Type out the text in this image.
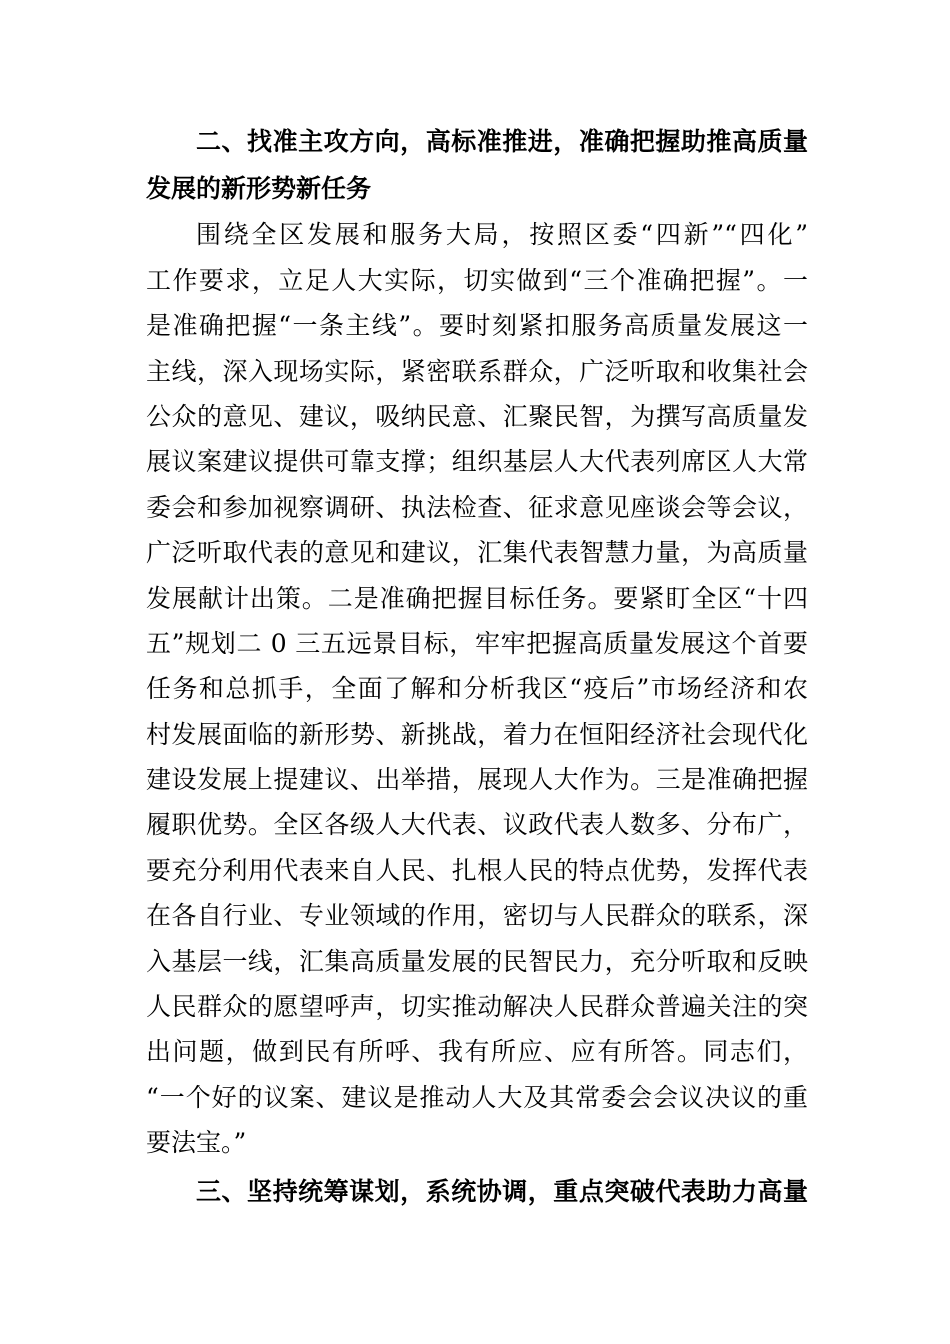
二、找准主攻方向，高标准推进，准确把握助推高质量
发展的新形势新任务
围绕全区发展和服务大局，按照区委“四新”“四化”
工作要求，立足人大实际，切实做到“三个准确把握”。一
是准确把握“一条主线”。要时刻紧扣服务高质量发展这一
主线，深入现场实际，紧密联系群众，广泛听取和收集社会
公众的意见、建议，吸纳民意、汇聚民智，为撰写高质量发
展议案建议提供可靠支撑；组织基层人大代表列席区人大常
委会和参加视察调研、执法检查、征求意见座谈会等会议，
广泛听取代表的意见和建议，汇集代表智慧力量，为高质量
发展献计出策。二是准确把握目标任务。要紧盯全区“十四
五”规划二 0 三五远景目标，牢牢把握高质量发展这个首要
任务和总抓手，全面了解和分析我区“疫后”市场经济和农
村发展面临的新形势、新挑战，着力在恒阳经济社会现代化
建设发展上提建议、出举措，展现人大作为。三是准确把握
履职优势。全区各级人大代表、议政代表人数多、分布广，
要充分利用代表来自人民、扎根人民的特点优势，发挥代表
在各自行业、专业领域的作用，密切与人民群众的联系，深
入基层一线，汇集高质量发展的民智民力，充分听取和反映
人民群众的愿望呼声，切实推动解决人民群众普遍关注的突
出问题，做到民有所呼、我有所应、应有所答。同志们，
“一个好的议案、建议是推动人大及其常委会会议决议的重
要法宝。”
三、坚持统筹谋划，系统协调，重点突破代表助力高量
